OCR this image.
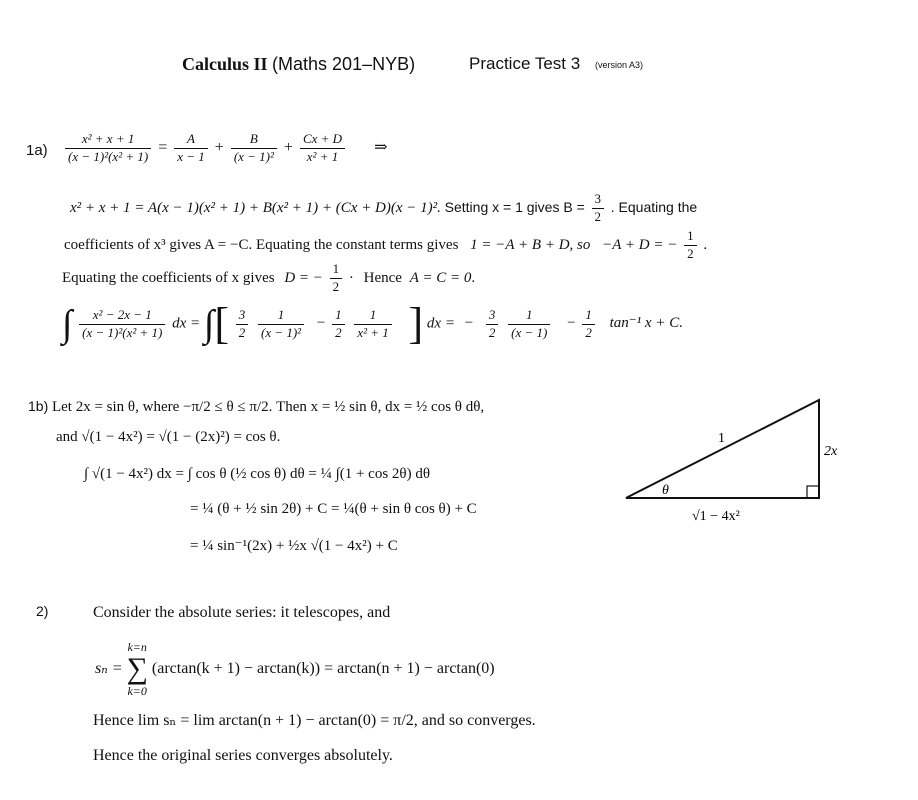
Calculus II (Maths 201–NYB)	Practice Test 3 (version A3)
$1a) \frac{\text{x² + x + 1}}{\text{(x − 1)²(x² + 1)}} = \frac{A}{x - 1} + \frac{B}{\text{(x − 1)²}} + \frac{Cx + D}{\text{x² + 1}}$ ⇒
x² + x + 1 = A(x − 1)(x² + 1) + B(x² + 1) + (Cx + D)(x − 1)². Setting x = 1 gives $B = \frac{3}{2}$ . Equating the
coefficients of x³ gives A = −C. Equating the constant terms gives 1 = −A + B + D, so −A + D = − $\frac{1}{2}$ .
Equating the coefficients of x gives D = − $\frac{1}{2}$ · Hence A = C = 0.
∫ $\frac{\text{x² − 2x − 1}}{\text{(x − 1)²(x² + 1)}}$ dx = ∫[ $\frac{3}{2}$
$\frac{1}{\text{(x − 1)²}} - \frac{1}{2}$
$\frac{1}{\text{x² + 1}}$ ] dx = − $\frac{3}{2}$
$\frac{1}{(x - 1)} - \frac{1}{2} \tan^{-1}$ x + C.
1b) Let 2x = sin θ, where −π/2 ≤ θ ≤ π/2. Then x = ½ sin θ, dx = ½ cos θ dθ,
and √(1 − 4x²) = √(1 − (2x)²) = cos θ.
∫ √(1 − 4x²) dx = ∫ cos θ (½ cos θ) dθ = ¼ ∫(1 + cos 2θ) dθ
= ¼ (θ + ½ sin 2θ) + C = ¼(θ + sin θ cos θ) + C
= ¼ sin⁻¹(2x) + ½x √(1 − 4x²) + C
1
2x
√1 − 4x²
θ
2)	Consider the absolute series: it telescopes, and
sₙ =
k=n
∑
k=0
(arctan(k + 1) − arctan(k)) = arctan(n + 1) − arctan(0)
Hence lim sₙ = lim arctan(n + 1) − arctan(0) = π/2, and so converges.
Hence the original series converges absolutely.
